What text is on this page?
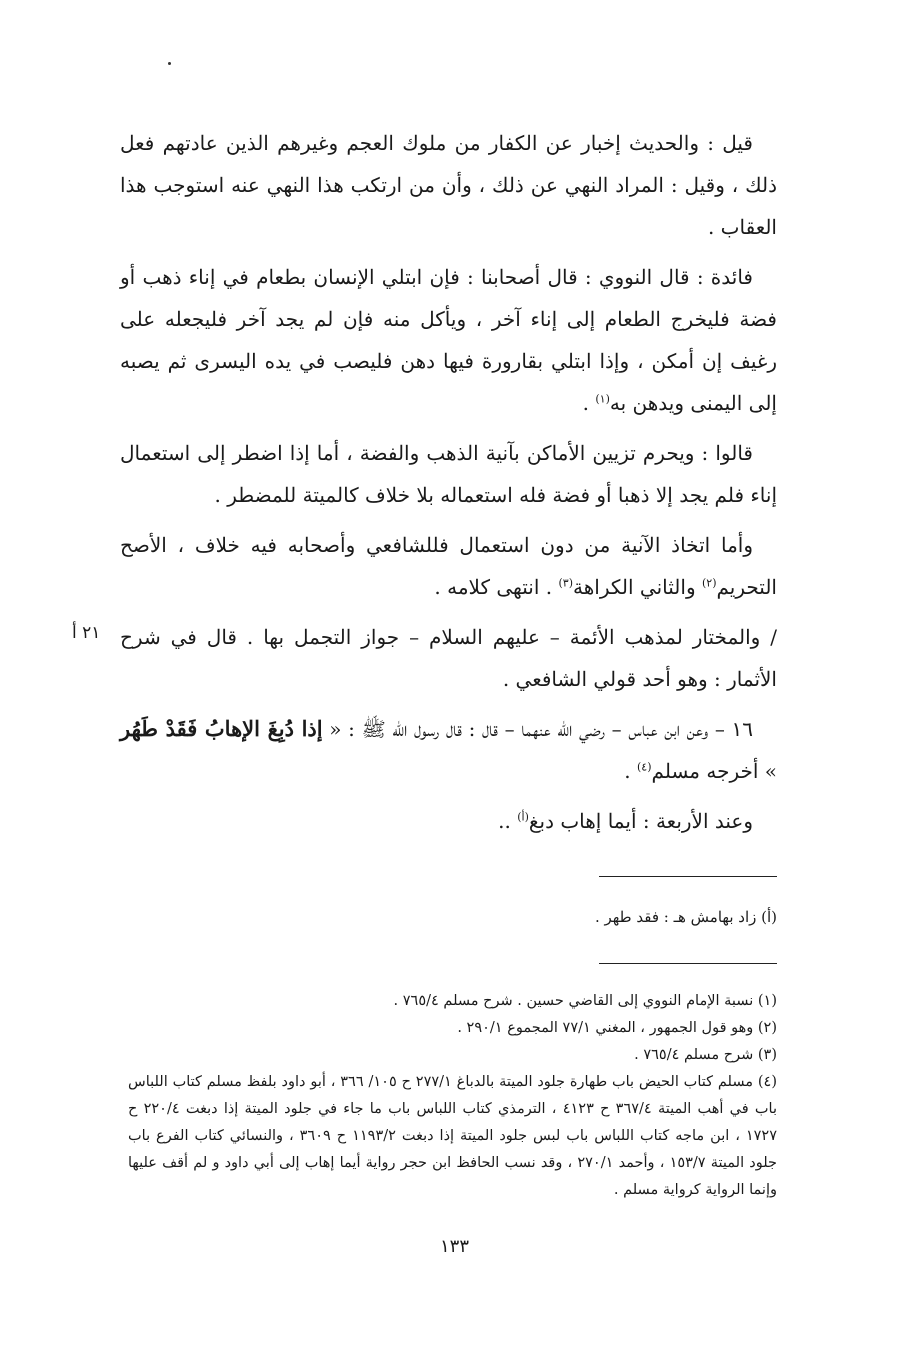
قيل : والحديث إخبار عن الكفار من ملوك العجم وغيرهم الذين عادتهم فعل ذلك ، وقيل : المراد النهي عن ذلك ، وأن من ارتكب هذا النهي عنه استوجب هذا العقاب .

فائدة : قال النووي : قال أصحابنا : فإن ابتلي الإنسان بطعام في إناء ذهب أو فضة فليخرج الطعام إلى إناء آخر ، ويأكل منه فإن لم يجد آخر فليجعله على رغيف إن أمكن ، وإذا ابتلي بقارورة فيها دهن فليصب في يده اليسرى ثم يصبه إلى اليمنى ويدهن به$^{(١)}$ .

قالوا : ويحرم تزيين الأماكن بآنية الذهب والفضة ، أما إذا اضطر إلى استعمال إناء فلم يجد إلا ذهبا أو فضة فله استعماله بلا خلاف كالميتة للمضطر .

وأما اتخاذ الآنية من دون استعمال فللشافعي وأصحابه فيه خلاف ، الأصح التحريم$^{(٢)}$ والثاني الكراهة$^{(٣)}$ . انتهى كلامه .

/ والمختار لمذهب الأئمة – عليهم السلام – جواز التجمل بها . قال في شرح الأثمار : وهو أحد قولي الشافعي .

١٦ – وعن ابن عباس – رضي الله عنهما – قال : قال رسول الله ﷺ : « إذا دُبِغَ الإهابُ فَقَدْ طَهُر » أخرجه مسلم$^{(٤)}$ .

وعند الأربعة : أيما إهاب دبغ$^{(أ)}$ ..

٢١ أ
(أ) زاد بهامش هـ : فقد طهر .

(١) نسبة الإمام النووي إلى القاضي حسين . شرح مسلم ٧٦٥/٤ .

(٢) وهو قول الجمهور ، المغني ٧٧/١ المجموع ٢٩٠/١ .

(٣) شرح مسلم ٧٦٥/٤ .

(٤) مسلم كتاب الحيض باب طهارة جلود الميتة بالدباغ ٢٧٧/١ ح ١٠٥/ ٣٦٦ ، أبو داود بلفظ مسلم كتاب اللباس باب في أهب الميتة ٣٦٧/٤ ح ٤١٢٣ ، الترمذي كتاب اللباس باب ما جاء في جلود الميتة إذا دبغت ٢٢٠/٤ ح ١٧٢٧ ، ابن ماجه كتاب اللباس باب لبس جلود الميتة إذا دبغت ١١٩٣/٢ ح ٣٦٠٩ ، والنسائي كتاب الفرع باب جلود الميتة ١٥٣/٧ ، وأحمد ٢٧٠/١ ، وقد نسب الحافظ ابن حجر رواية أيما إهاب إلى أبي داود و لم أقف عليها وإنما الرواية كرواية مسلم .

١٣٣
